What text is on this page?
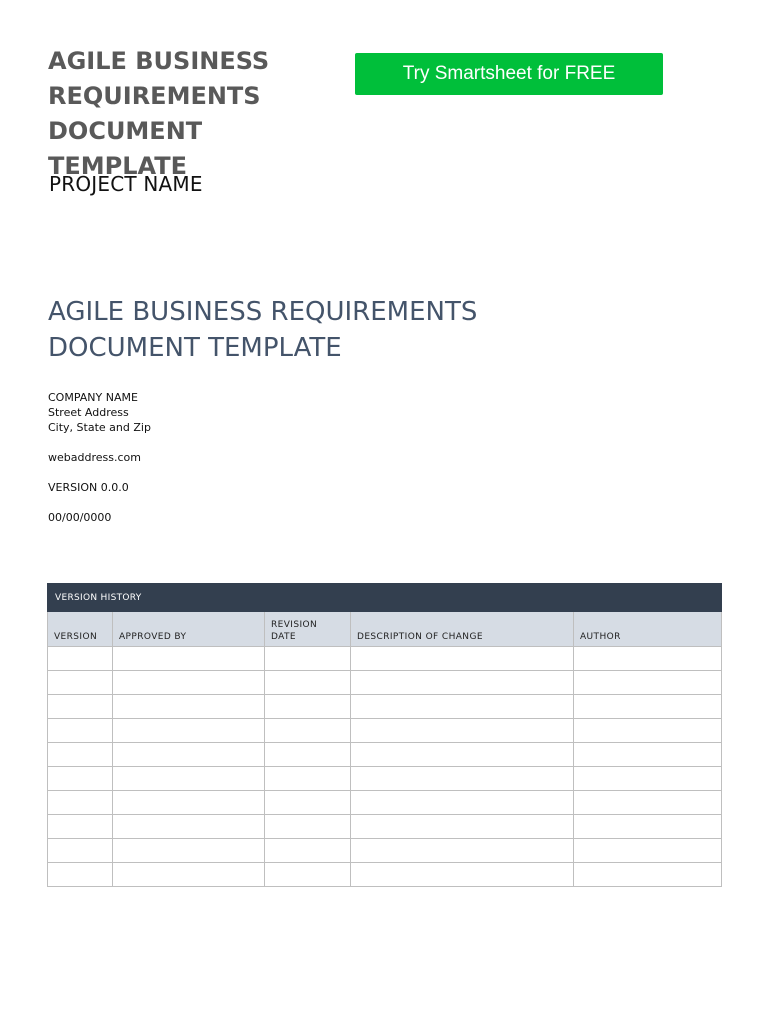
AGILE BUSINESS REQUIREMENTS DOCUMENT TEMPLATE
Try Smartsheet for FREE

PROJECT NAME

AGILE BUSINESS REQUIREMENTS DOCUMENT TEMPLATE
COMPANY NAME
Street Address
City, State and Zip
webaddress.com
VERSION 0.0.0
00/00/0000
VERSION HISTORY				
VERSION	APPROVED BY	REVISION DATE	DESCRIPTION OF CHANGE	AUTHOR
